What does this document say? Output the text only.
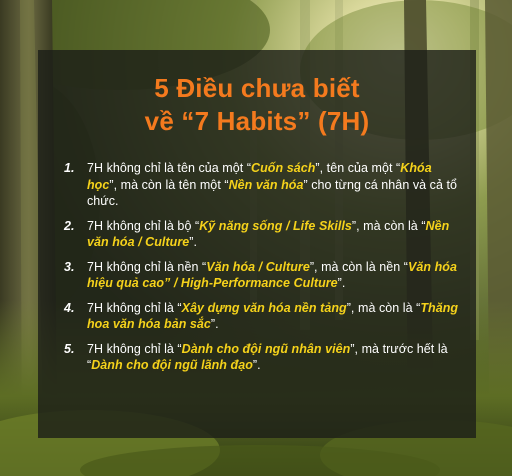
5 Điều chưa biết
về “7 Habits” (7H)
1. 7H không chỉ là tên của một “Cuốn sách”, tên của một “Khóa học”, mà còn là tên một “Nền văn hóa” cho từng cá nhân và cả tổ chức.
2. 7H không chỉ là bộ “Kỹ năng sống / Life Skills”, mà còn là “Nền văn hóa / Culture”.
3. 7H không chỉ là nền “Văn hóa / Culture”, mà còn là nền “Văn hóa hiệu quả cao” / High-Performance Culture”.
4. 7H không chỉ là “Xây dựng văn hóa nền tảng”, mà còn là “Thăng hoa văn hóa bản sắc”.
5. 7H không chỉ là “Dành cho đội ngũ nhân viên”, mà trước hết là “Dành cho đội ngũ lãnh đạo”.
